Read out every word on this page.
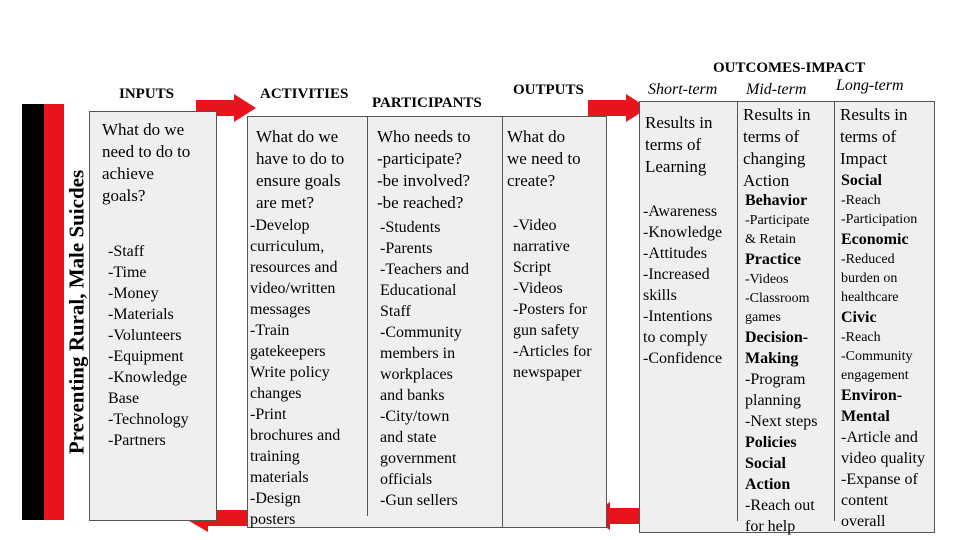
Preventing Rural, Male Suicdes
INPUTS	ACTIVITIES
PARTICIPANTS
OUTPUTS
OUTCOMES-IMPACT
Short-term Mid-term Long-term
What do we
need to do to
achieve
goals?
-Staff
-Time
-Money
-Materials
-Volunteers
-Equipment
-Knowledge
Base
-Technology
-Partners
What do we
have to do to
ensure goals
are met?
-Develop
curriculum,
resources and
video/written
messages
-Train
gatekeepers
Write policy
changes
-Print
brochures and
training
materials
-Design
posters
Who needs to
-participate?
-be involved?
-be reached?
-Students
-Parents
-Teachers and
Educational
Staff
-Community
members in
workplaces
and banks
-City/town
and state
government
officials
-Gun sellers
What do
we need to
create?
-Video
narrative
Script
-Videos
-Posters for
gun safety
-Articles for
newspaper
Results in
terms of
Learning
-Awareness
-Knowledge
-Attitudes
-Increased
skills
-Intentions
to comply
-Confidence
Results in
terms of
changing
Action
Behavior
-Participate
& Retain
Practice
-Videos
-Classroom
games
Decision-
Making
-Program
planning
-Next steps
Policies
Social
Action
-Reach out
for help
Results in
terms of
Impact
Social
-Reach
-Participation
Economic
-Reduced
burden on
healthcare
Civic
-Reach
-Community
engagement
Environ-
Mental
-Article and
video quality
-Expanse of
content
overall
